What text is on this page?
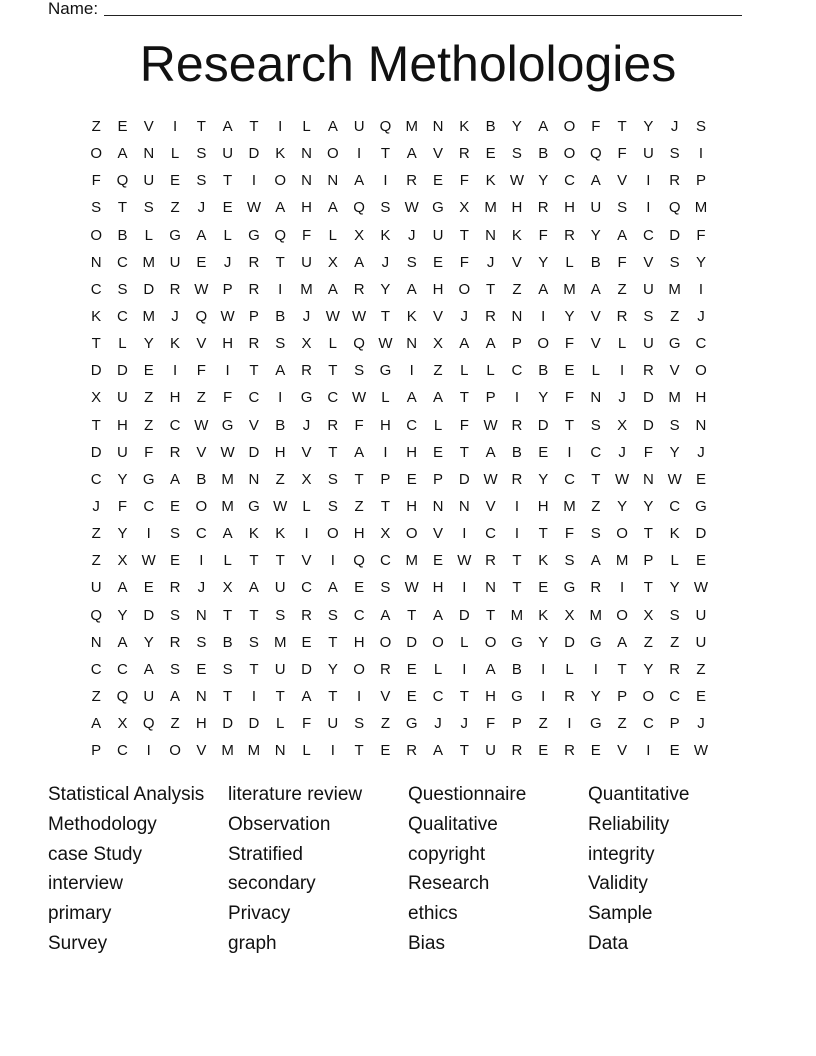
Name:
Research Metholologies
Z	E	V	I	T	A	T	I	L	A	U	Q M N	K	B	Y	A	O	F	T	Y	J	S
O	A	N	L	S	U	D	K	N	O	I	T	A	V	R	E	S	B	O Q	F	U	S	I
F	Q	U	E	S	T	I	O	N	N	A	I	R	E	F	K W Y	C	A	V	I	R	P
S	T	S	Z	J	E W A	H	A	Q	S W G	X	M H	R	H	U	S	I	Q M
O	B	L	G	A	L	G Q	F	L	X	K	J	U	T	N	K	F	R	Y	A	C	D	F
N	C M U	E	J	R	T	U	X	A	J	S	E	F	J	V	Y	L	B	F	V	S	Y
C	S	D	R W P	R	I	M	A	R	Y	A	H	O	T	Z	A	M	A	Z	U M	I
K	C M	J	Q W P	B	J	W W T	K	V	J	R	N	I	Y	V	R	S	Z	J
T	L	Y	K	V	H	R	S	X	L	Q W N	X	A	A	P	O	F	V	L	U	G	C
D	D	E	I	F	I	T	A	R	T	S	G	I	Z	L	L	C	B	E	L	I	R	V	O
X	U	Z	H	Z	F	C	I	G	C W	L	A	A	T	P	I	Y	F	N	J	D M H
T	H	Z	C W G	V	B	J	R	F	H	C	L	F W R	D	T	S	X	D	S	N
D	U	F	R	V W D	H	V	T	A	I	H	E	T	A	B	E	I	C	J	F	Y	J
C	Y	G	A	B	M N	Z	X	S	T	P	E	P	D W R	Y	C	T W N W E
J	F	C	E	O M G W	L	S	Z	T	H	N	N	V	I	H M	Z	Y	Y	C	G
Z	Y	I	S	C	A	K	K	I	O	H	X	O	V	I	C	I	T	F	S	O	T	K	D
Z	X W E	I	L	T	T	V	I	Q	C M	E W R	T	K	S	A	M	P	L	E
U	A	E	R	J	X	A	U	C	A	E	S W H	I	N	T	E	G	R	I	T	Y W
Q	Y	D	S	N	T	T	S	R	S	C	A	T	A	D	T	M	K	X	M O	X	S	U
N	A	Y	R	S	B	S	M	E	T	H	O	D	O	L	O G	Y	D	G	A	Z	Z	U
C	C	A	S	E	S	T	U	D	Y	O	R	E	L	I	A	B	I	L	I	T	Y	R	Z
Z	Q	U	A	N	T	I	T	A	T	I	V	E	C	T	H	G	I	R	Y	P	O	C	E
A	X	Q	Z	H	D	D	L	F	U	S	Z	G	J	J	F	P	Z	I	G	Z	C	P	J
P	C	I	O	V	M M N	L	I	T	E	R	A	T	U	R	E	R	E	V	I	E W
Statistical Analysis	literature review	Questionnaire	Quantitative
Methodology	Observation	Qualitative	Reliability
case Study	Stratified	copyright	integrity
interview	secondary	Research	Validity
primary	Privacy	ethics	Sample
Survey	graph	Bias	Data
